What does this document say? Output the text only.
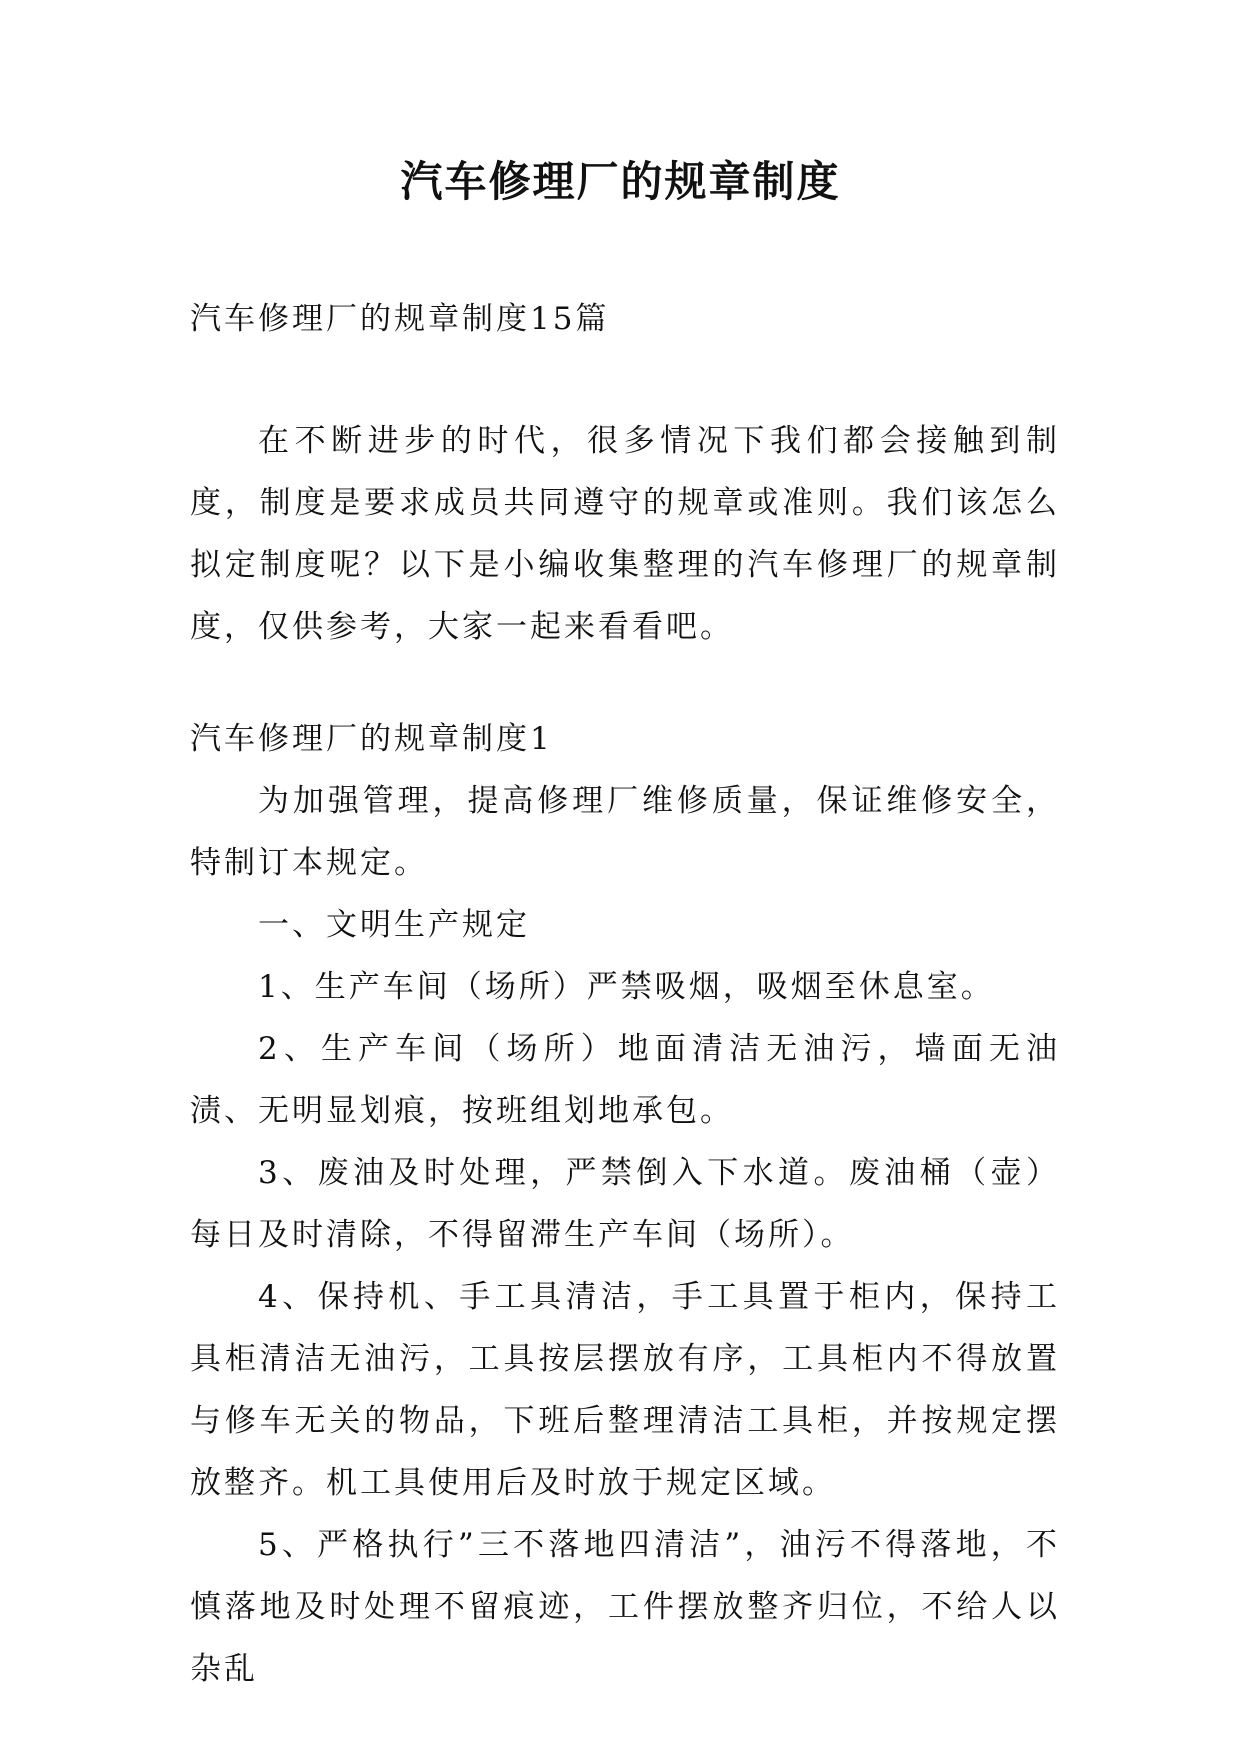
汽车修理厂的规章制度

汽车修理厂的规章制度15篇

在不断进步的时代，很多情况下我们都会接触到制度，制度是要求成员共同遵守的规章或准则。我们该怎么拟定制度呢？以下是小编收集整理的汽车修理厂的规章制度，仅供参考，大家一起来看看吧。

汽车修理厂的规章制度1

为加强管理，提高修理厂维修质量，保证维修安全，特制订本规定。

一、文明生产规定

1、生产车间（场所）严禁吸烟，吸烟至休息室。

2、生产车间（场所）地面清洁无油污，墙面无油渍、无明显划痕，按班组划地承包。

3、废油及时处理，严禁倒入下水道。废油桶（壶）每日及时清除，不得留滞生产车间（场所）。

4、保持机、手工具清洁，手工具置于柜内，保持工具柜清洁无油污，工具按层摆放有序，工具柜内不得放置与修车无关的物品，下班后整理清洁工具柜，并按规定摆放整齐。机工具使用后及时放于规定区域。

5、严格执行”三不落地四清洁”，油污不得落地，不慎落地及时处理不留痕迹，工件摆放整齐归位，不给人以杂乱
